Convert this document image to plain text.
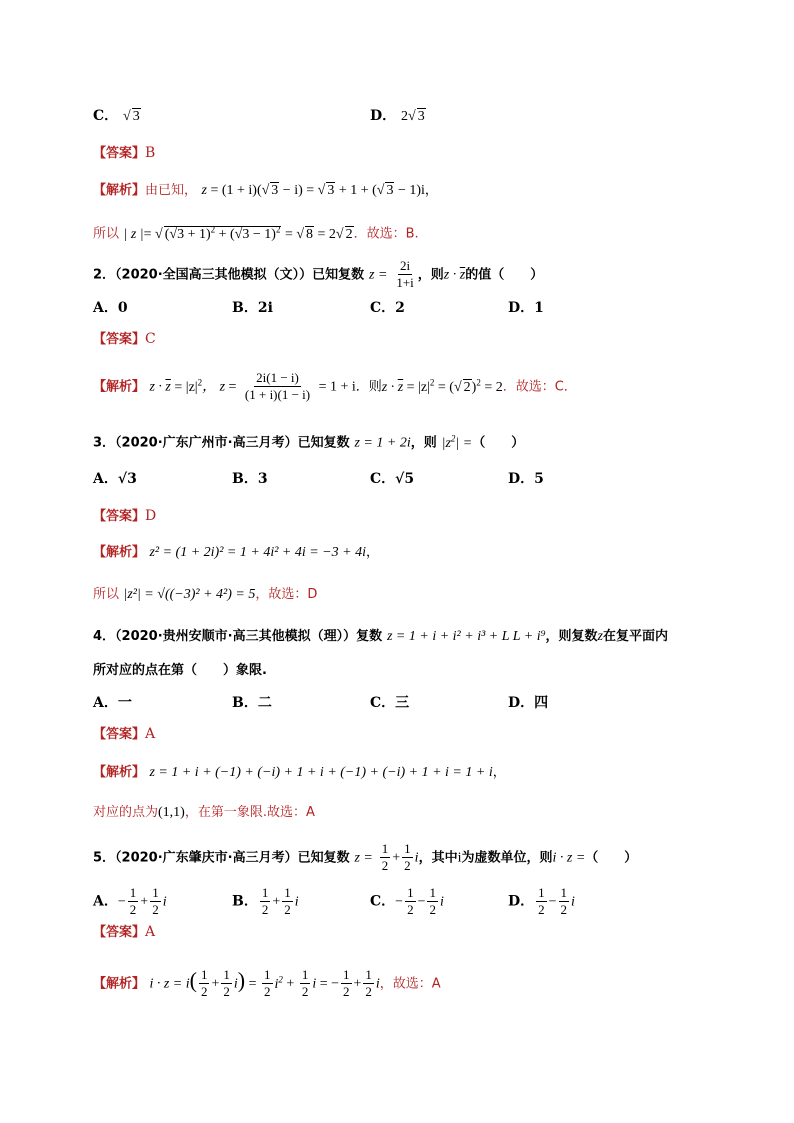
C． √ 3	D． 2√ 3
【答案】B
【解析】由已知， z = (1 + i)(√ 3 − i) = √ 3 + 1 + (√ 3 − 1)i，
所以 | z |= √ $(√3 + 1)^2 + (√3 - 1)^2$ = √ 8 = 2√ 2．故选：B.
2．（2020·全国高三其他模拟（文））已知复数 $z = \frac{2i}{1+i}$ ，则$z \cdot \overline{z}$的值（　　）
A．0	B．2i	C．2	D．1
【答案】C
【解析】 $z \cdot \overline{z} = |z|^2$， $z = \frac{2i(1 - i)}{(1 + i)(1 - i)} = 1 + i$．则$z \cdot \overline{z} = |z|^2$ = (√ 2)$^2$ = 2．故选：C．
3．（2020·广东广州市·高三月考）已知复数 z = 1 + 2i，则 $|z^2|$ =（　　）
A．√3	B．3	C．√5	D．5
【答案】D
【解析】 z² = (1 + 2i)² = 1 + 4i² + 4i = −3 + 4i，
所以 |z²| = √((−3)² + 4²) = 5，故选：D
4．（2020·贵州安顺市·高三其他模拟（理））复数 z = 1 + i + i² + i³ + L L + i⁹，则复数z在复平面内
所对应的点在第（　　）象限.
A．一	B．二	C．三	D．四
【答案】A
【解析】 z = 1 + i + (−1) + (−i) + 1 + i + (−1) + (−i) + 1 + i = 1 + i，
对应的点为(1,1)，在第一象限.故选：A
5．（2020·广东肇庆市·高三月考）已知复数 $z = \frac{1}{2} + \frac{1}{2}$ i，其中i为虚数单位，则i · z =（　　）
A．− $\frac{1}{2} + \frac{1}{2}$ i	B． $\frac{1}{2} + \frac{1}{2}$ i	C．− $\frac{1}{2} - \frac{1}{2}$ i	D． $\frac{1}{2} - \frac{1}{2}$ i
【答案】A
【解析】 $i \cdot z = i( \frac{1}{2} + \frac{1}{2} i) = \frac{1}{2} i^2 + \frac{1}{2}$ i = − $\frac{1}{2} + \frac{1}{2}$ i，故选：A
